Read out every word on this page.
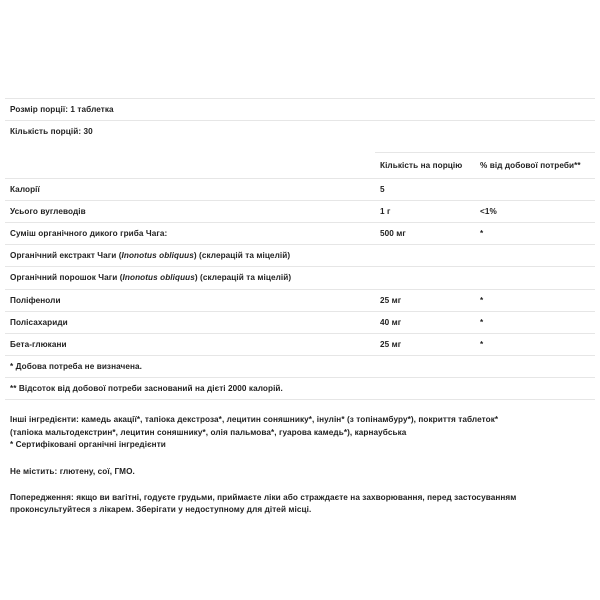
Розмір порції: 1 таблетка		
Кількість порцій: 30		

	Кількість на порцію	% від добової потреби**
Калорії	5	
Усього вуглеводів	1 г	<1%
Суміш органічного дикого гриба Чага:	500 мг	*
Органічний екстракт Чаги (Inonotus obliquus) (склерацій та міцелій)		
Органічний порошок Чаги (Inonotus obliquus) (склерацій та міцелій)		
Поліфеноли	25 мг	*
Полісахариди	40 мг	*
Бета-глюкани	25 мг	*
* Добова потреба не визначена.		
** Відсоток від добової потреби заснований на дієті 2000 калорій.		

Інші інгредієнти: камедь акації*, тапіока декстроза*, лецитин соняшнику*, інулін* (з топінамбуру*), покриття таблеток*

(тапіока мальтодекстрин*, лецитин соняшнику*, олія пальмова*, гуарова камедь*), карнаубська

* Сертифіковані органічні інгредієнти

Не містить: глютену, сої, ГМО.

Попередження: якщо ви вагітні, годуєте грудьми, приймаєте ліки або страждаєте на захворювання, перед застосуванням

проконсультуйтеся з лікарем. Зберігати у недоступному для дітей місці.
